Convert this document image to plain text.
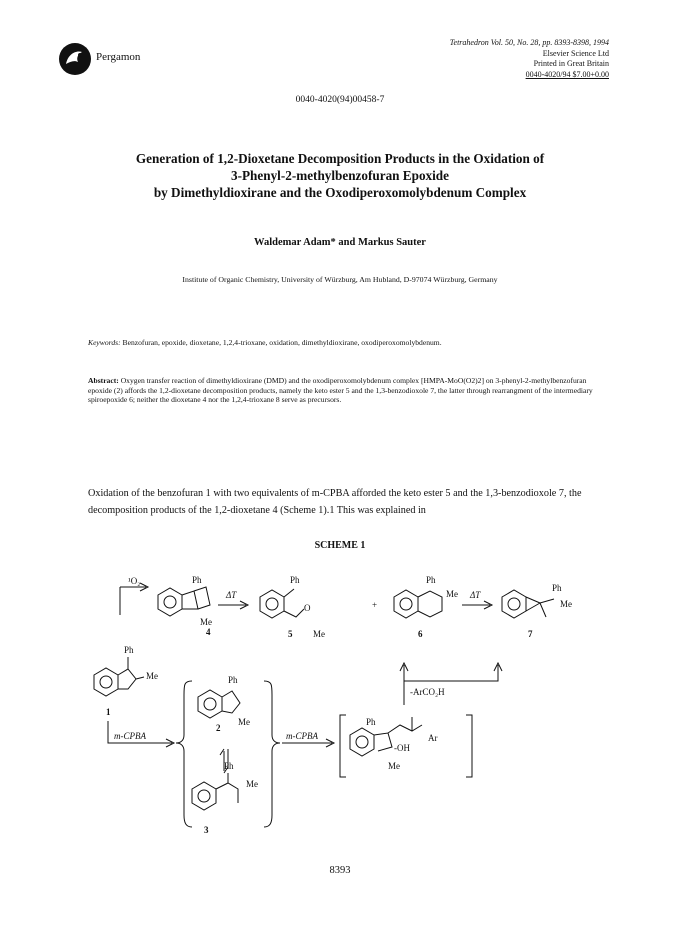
Pergamon
Tetrahedron Vol. 50, No. 28, pp. 8393-8398, 1994
Elsevier Science Ltd
Printed in Great Britain
0040-4020/94 $7.00+0.00
0040-4020(94)00458-7
Generation of 1,2-Dioxetane Decomposition Products in the Oxidation of
3-Phenyl-2-methylbenzofuran Epoxide
by Dimethyldioxirane and the Oxodiperoxomolybdenum Complex
Waldemar Adam* and Markus Sauter
Institute of Organic Chemistry, University of Würzburg, Am Hubland, D-97074 Würzburg, Germany
Keywords: Benzofuran, epoxide, dioxetane, 1,2,4-trioxane, oxidation, dimethyldioxirane, oxodiperoxomolybdenum.
Abstract: Oxygen transfer reaction of dimethyldioxirane (DMD) and the oxodiperoxomolybdenum complex [HMPA-MoO(O2)2] on 3-phenyl-2-methylbenzofuran epoxide (2) affords the 1,2-dioxetane decomposition products, namely the keto ester 5 and the 1,3-benzodioxole 7, the latter through rearrangment of the intermediary spiroepoxide 6; neither the dioxetane 4 nor the 1,2,4-trioxane 8 serve as precursors.
Oxidation of the benzofuran 1 with two equivalents of m-CPBA afforded the keto ester 5 and the 1,3-benzodioxole 7, the decomposition products of the 1,2-dioxetane 4 (Scheme 1).1 This was explained in
SCHEME 1
¹O₂	Ph
Me
4
ΔT
Ph
O
Me
5
+
Ph
Me
6
ΔT
Ph
Me
7
Ph
Me
1
m-CPBA
Ph
Me
2
Ph
Me
3
m-CPBA
Ph
-OH
Ar
Me
-ArCO₂H
8393
